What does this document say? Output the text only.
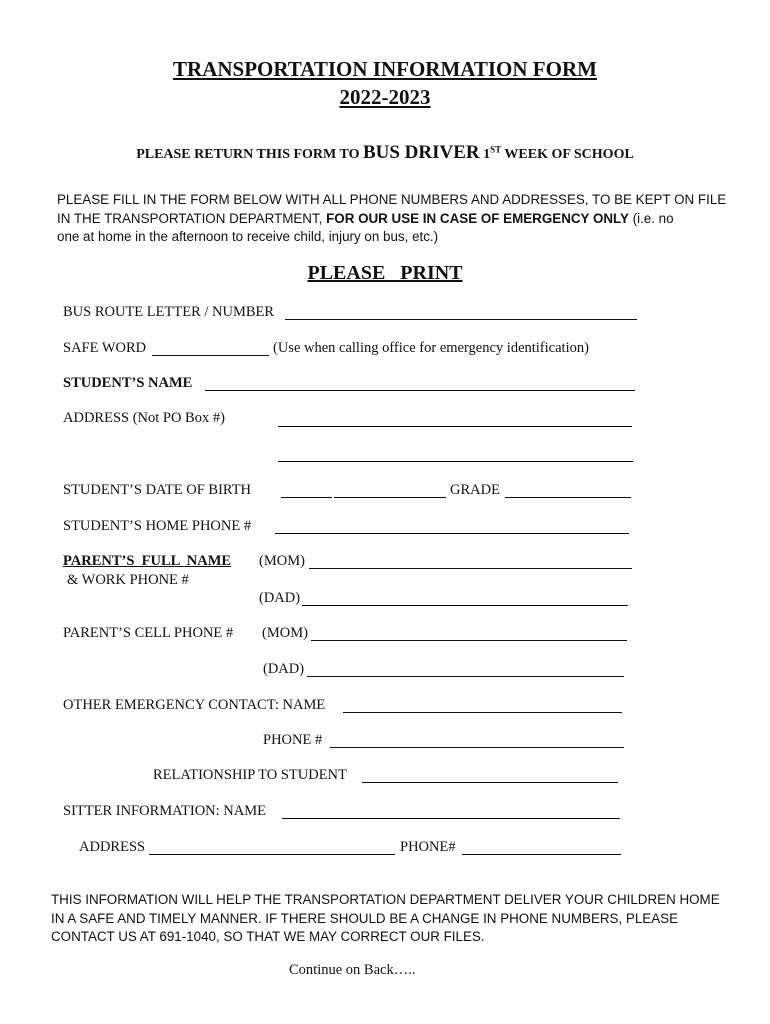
TRANSPORTATION INFORMATION FORM
2022-2023
PLEASE RETURN THIS FORM TO BUS DRIVER 1ST WEEK OF SCHOOL
PLEASE FILL IN THE FORM BELOW WITH ALL PHONE NUMBERS AND ADDRESSES, TO BE KEPT ON FILE
IN THE TRANSPORTATION DEPARTMENT, FOR OUR USE IN CASE OF EMERGENCY ONLY (i.e. no
one at home in the afternoon to receive child, injury on bus, etc.)
PLEASE   PRINT
BUS ROUTE LETTER / NUMBER
SAFE WORD	(Use when calling office for emergency identification)
STUDENT’S NAME
ADDRESS (Not PO Box #)
STUDENT’S DATE OF BIRTH	GRADE
STUDENT’S HOME PHONE #
PARENT’S  FULL  NAME
& WORK PHONE #
(MOM)
(DAD)
PARENT’S CELL PHONE # (MOM)
(DAD)
OTHER EMERGENCY CONTACT: NAME
PHONE #
RELATIONSHIP TO STUDENT
SITTER INFORMATION: NAME
ADDRESS	PHONE#
THIS INFORMATION WILL HELP THE TRANSPORTATION DEPARTMENT DELIVER YOUR CHILDREN HOME
IN A SAFE AND TIMELY MANNER. IF THERE SHOULD BE A CHANGE IN PHONE NUMBERS, PLEASE
CONTACT US AT 691-1040, SO THAT WE MAY CORRECT OUR FILES.
Continue on Back…..
